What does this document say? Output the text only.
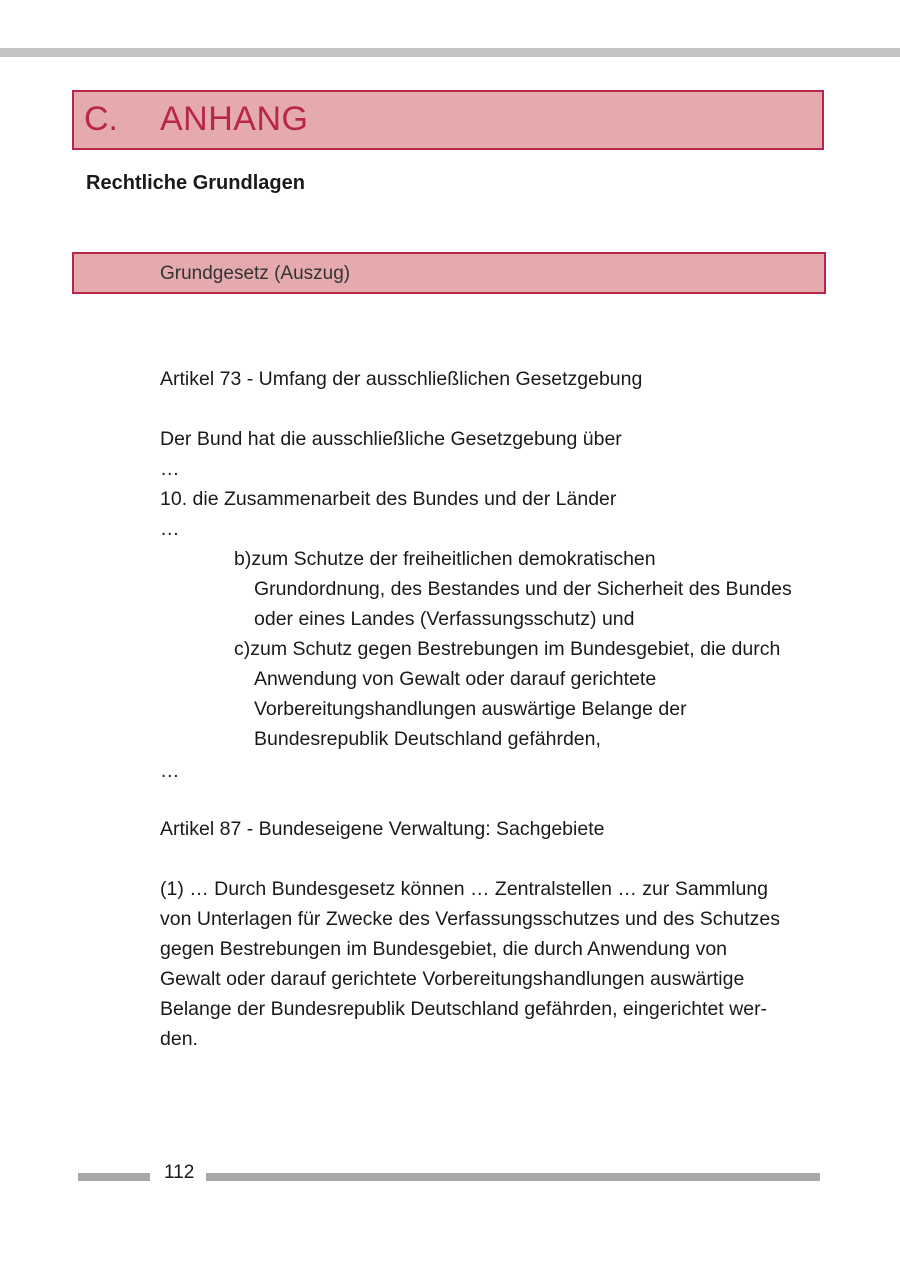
C. ANHANG
Rechtliche Grundlagen
Grundgesetz (Auszug)
Artikel 73 - Umfang der ausschließlichen Gesetzgebung
Der Bund hat die ausschließliche Gesetzgebung über
…
10. die Zusammenarbeit des Bundes und der Länder
…
b)zum Schutze der freiheitlichen demokratischen
Grundordnung, des Bestandes und der Sicherheit des Bundes
oder eines Landes (Verfassungsschutz) und
c)zum Schutz gegen Bestrebungen im Bundesgebiet, die durch
Anwendung von Gewalt oder darauf gerichtete
Vorbereitungshandlungen auswärtige Belange der
Bundesrepublik Deutschland gefährden,
…
Artikel 87 - Bundeseigene Verwaltung: Sachgebiete
(1) … Durch Bundesgesetz können … Zentralstellen … zur Sammlung
von Unterlagen für Zwecke des Verfassungsschutzes und des Schutzes
gegen Bestrebungen im Bundesgebiet, die durch Anwendung von
Gewalt oder darauf gerichtete Vorbereitungshandlungen auswärtige
Belange der Bundesrepublik Deutschland gefährden, eingerichtet wer-
den.
112
